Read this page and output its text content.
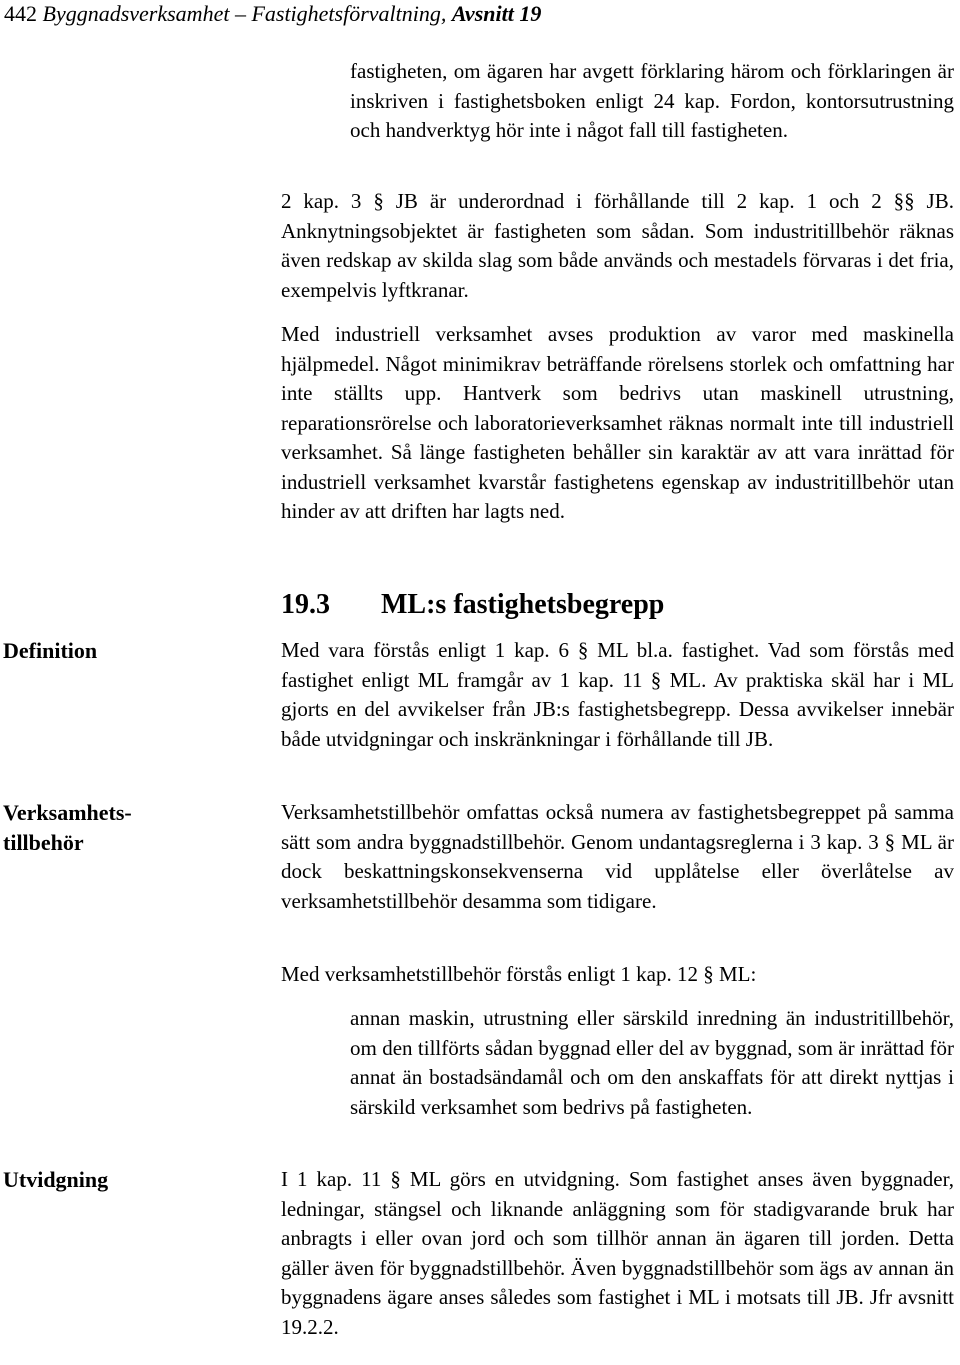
442 Byggnadsverksamhet – Fastighetsförvaltning, Avsnitt 19

fastigheten, om ägaren har avgett förklaring härom och förklaringen är inskriven i fastighetsboken enligt 24 kap. Fordon, kontorsutrustning och handverktyg hör inte i något fall till fastigheten.

2 kap. 3 § JB är underordnad i förhållande till 2 kap. 1 och 2 §§ JB. Anknytningsobjektet är fastigheten som sådan. Som industritillbehör räknas även redskap av skilda slag som både används och mestadels förvaras i det fria, exempelvis lyftkranar.

Med industriell verksamhet avses produktion av varor med maskinella hjälpmedel. Något minimikrav beträffande rörelsens storlek och omfattning har inte ställts upp. Hantverk som bedrivs utan maskinell utrustning, reparationsrörelse och laboratorieverksamhet räknas normalt inte till industriell verksamhet. Så länge fastigheten behåller sin karaktär av att vara inrättad för industriell verksamhet kvarstår fastighetens egenskap av industritillbehör utan hinder av att driften har lagts ned.

19.3 ML:s fastighetsbegrepp
Definition	Med vara förstås enligt 1 kap. 6 § ML bl.a. fastighet. Vad som förstås med fastighet enligt ML framgår av 1 kap. 11 § ML. Av praktiska skäl har i ML gjorts en del avvikelser från JB:s fastighetsbegrepp. Dessa avvikelser innebär både utvidgningar och inskränkningar i förhållande till JB.

Verksamhets- tillbehör

Verksamhetstillbehör omfattas också numera av fastighetsbegreppet på samma sätt som andra byggnadstillbehör. Genom undantagsreglerna i 3 kap. 3 § ML är dock beskattningskonsekvenserna vid upplåtelse eller överlåtelse av verksamhetstillbehör desamma som tidigare.

Med verksamhetstillbehör förstås enligt 1 kap. 12 § ML:

annan maskin, utrustning eller särskild inredning än industritillbehör, om den tillförts sådan byggnad eller del av byggnad, som är inrättad för annat än bostadsändamål och om den anskaffats för att direkt nyttjas i särskild verksamhet som bedrivs på fastigheten.

Utvidgning	I 1 kap. 11 § ML görs en utvidgning. Som fastighet anses även byggnader, ledningar, stängsel och liknande anläggning som för stadigvarande bruk har anbragts i eller ovan jord och som tillhör annan än ägaren till jorden. Detta gäller även för byggnadstillbehör. Även byggnadstillbehör som ägs av annan än byggnadens ägare anses således som fastighet i ML i motsats till JB. Jfr avsnitt 19.2.2.
